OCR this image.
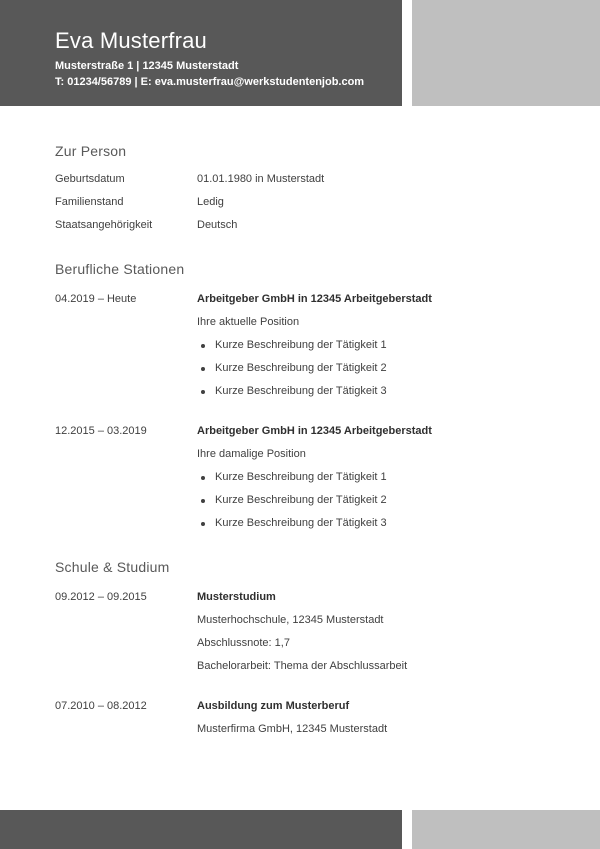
Eva Musterfrau
Musterstraße 1 | 12345 Musterstadt
T: 01234/56789 | E: eva.musterfrau@werkstudentenjob.com
Zur Person
Geburtsdatum	01.01.1980 in Musterstadt
Familienstand	Ledig
Staatsangehörigkeit	Deutsch
Berufliche Stationen
04.2019 – Heute	Arbeitgeber GmbH in 12345 Arbeitgeberstadt
Ihre aktuelle Position
Kurze Beschreibung der Tätigkeit 1
Kurze Beschreibung der Tätigkeit 2
Kurze Beschreibung der Tätigkeit 3
12.2015 – 03.2019	Arbeitgeber GmbH in 12345 Arbeitgeberstadt
Ihre damalige Position
Kurze Beschreibung der Tätigkeit 1
Kurze Beschreibung der Tätigkeit 2
Kurze Beschreibung der Tätigkeit 3
Schule & Studium
09.2012 – 09.2015	Musterstudium
Musterhochschule, 12345 Musterstadt
Abschlussnote: 1,7
Bachelorarbeit: Thema der Abschlussarbeit
07.2010 – 08.2012	Ausbildung zum Musterberuf
Musterfirma GmbH, 12345 Musterstadt
